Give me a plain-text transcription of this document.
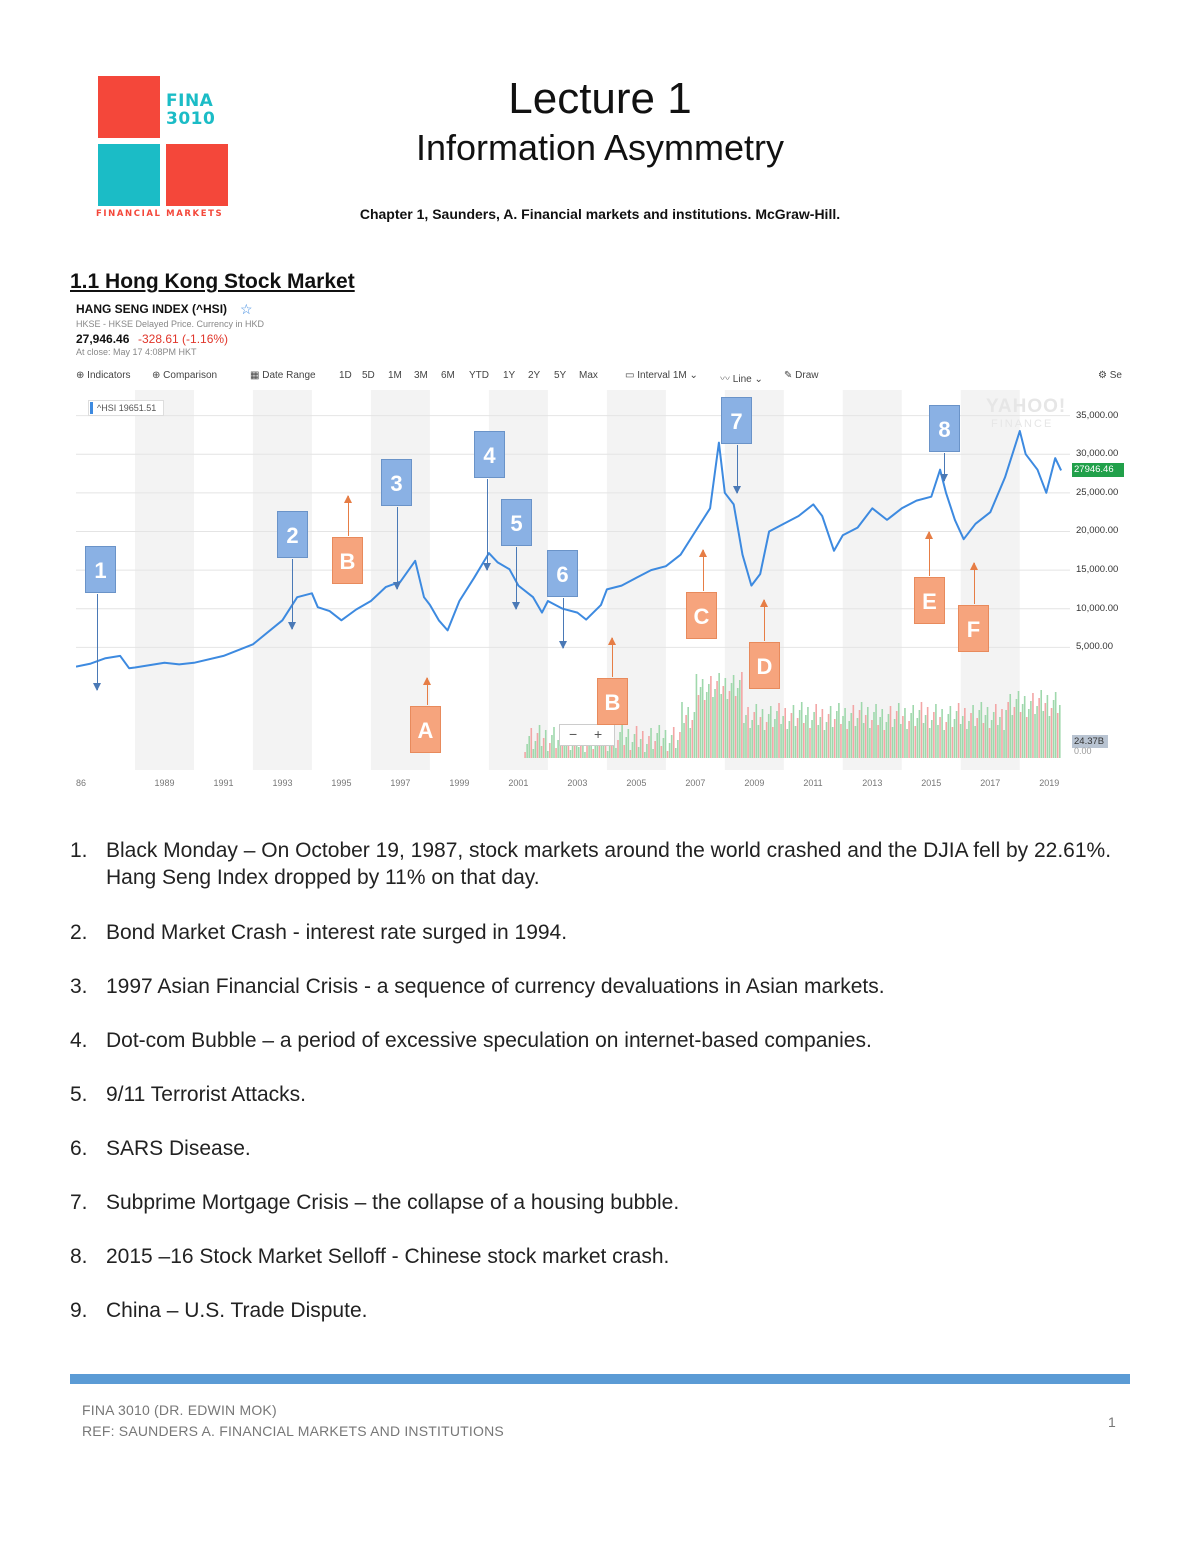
FINA
3010
FINANCIAL MARKETS
Lecture 1
Information Asymmetry
Chapter 1, Saunders, A. Financial markets and institutions. McGraw-Hill.
1.1 Hong Kong Stock Market
HANG SENG INDEX (^HSI) ☆
HKSE - HKSE Delayed Price. Currency in HKD
27,946.46 -328.61 (-1.16%)
At close: May 17 4:08PM HKT
⊕ Indicators ⊕ Comparison	▦ Date Range 1D 5D 1M 3M 6M YTD 1Y 2Y 5Y Max	▭ Interval 1M ⌄ 〰 Line ⌄ ✎ Draw	⚙ Se
^HSI 19651.51	YAHOO!
FINANCE
− +
27946.46
24.37B
0.00
35,000.00
30,000.00
25,000.00
20,000.00
15,000.00
10,000.00
5,000.00
86	1989	1991	1993	1995	1997	1999	2001	2003	2005	2007	2009	2011	2013	2015	2017	2019
1
2
3
4
5
6
7	8
B
A
B
C
D
E
F
1. Black Monday – On October 19, 1987, stock markets around the world crashed and the DJIA fell by 22.61%. Hang Seng Index dropped by 11% on that day.
2. Bond Market Crash - interest rate surged in 1994.
3. 1997 Asian Financial Crisis - a sequence of currency devaluations in Asian markets.
4. Dot-com Bubble – a period of excessive speculation on internet-based companies.
5. 9/11 Terrorist Attacks.
6. SARS Disease.
7. Subprime Mortgage Crisis – the collapse of a housing bubble.
8. 2015 –16 Stock Market Selloff - Chinese stock market crash.
9. China – U.S. Trade Dispute.
FINA 3010 (DR. EDWIN MOK)
REF: SAUNDERS A. FINANCIAL MARKETS AND INSTITUTIONS
1
